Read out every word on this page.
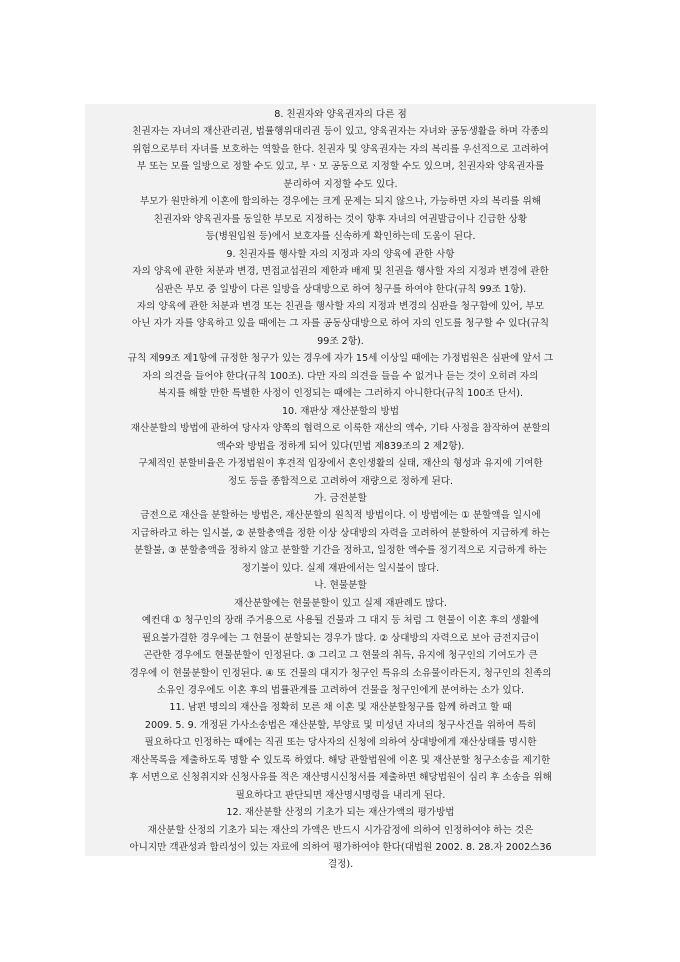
8. 친권자와 양육권자의 다른 점
친권자는 자녀의 재산관리권, 법률행위대리권 등이 있고, 양육권자는 자녀와 공동생활을 하며 각종의
위험으로부터 자녀를 보호하는 역할을 한다. 친권자 및 양육권자는 자의 복리를 우선적으로 고려하여
부 또는 모를 일방으로 정할 수도 있고, 부ㆍ모 공동으로 지정할 수도 있으며, 친권자와 양육권자를
분리하여 지정할 수도 있다.
부모가 원만하게 이혼에 합의하는 경우에는 크게 문제는 되지 않으나, 가능하면 자의 복리를 위해
친권자와 양육권자를 동일한 부모로 지정하는 것이 향후 자녀의 여권발급이나 긴급한 상황
등(병원입원 등)에서 보호자를 신속하게 확인하는데 도움이 된다.
9. 친권자를 행사할 자의 지정과 자의 양육에 관한 사항
자의 양육에 관한 처분과 변경, 면접교섭권의 제한과 배제 및 친권을 행사할 자의 지정과 변경에 관한
심판은 부모 중 일방이 다른 일방을 상대방으로 하여 청구를 하여야 한다(규칙 99조 1항).
자의 양육에 관한 처분과 변경 또는 친권을 행사할 자의 지정과 변경의 심판을 청구함에 있어, 부모
아닌 자가 자를 양육하고 있을 때에는 그 자를 공동상대방으로 하여 자의 인도를 청구할 수 있다(규칙
99조 2항).
규칙 제99조 제1항에 규정한 청구가 있는 경우에 자가 15세 이상일 때에는 가정법원은 심판에 앞서 그
자의 의견을 들어야 한다(규칙 100조). 다만 자의 의견을 들을 수 없거나 듣는 것이 오히려 자의
복지를 해할 만한 특별한 사정이 인정되는 때에는 그러하지 아니한다(규칙 100조 단서).
10. 재판상 재산분할의 방법
재산분할의 방법에 관하여 당사자 양쪽의 협력으로 이룩한 재산의 액수, 기타 사정을 참작하여 분할의
액수와 방법을 정하게 되어 있다(민법 제839조의 2 제2항).
구체적인 분할비율은 가정법원이 후견적 입장에서 혼인생활의 실태, 재산의 형성과 유지에 기여한
정도 등을 종합적으로 고려하여 재량으로 정하게 된다.
가. 금전분할
금전으로 재산을 분할하는 방법은, 재산분할의 원칙적 방법이다. 이 방법에는 ① 분할액을 일시에
지급하라고 하는 일시불, ② 분할총액을 정한 이상 상대방의 자력을 고려하여 분할하여 지급하게 하는
분할불, ③ 분할총액을 정하지 않고 분할할 기간을 정하고, 일정한 액수를 정기적으로 지급하게 하는
정기불이 있다. 실제 재판에서는 일시불이 많다.
나. 현물분할
재산분할에는 현물분할이 있고 실제 재판례도 많다.
예컨대 ① 청구인의 장래 주거용으로 사용될 건물과 그 대지 등 처럼 그 현물이 이혼 후의 생활에
필요불가결한 경우에는 그 현물이 분할되는 경우가 많다. ② 상대방의 자력으로 보아 금전지급이
곤란한 경우에도 현물분할이 인정된다. ③ 그리고 그 현물의 취득, 유지에 청구인의 기여도가 큰
경우에 이 현물분할이 인정된다. ④ 또 건물의 대지가 청구인 특유의 소유물이라든지, 청구인의 친족의
소유인 경우에도 이혼 후의 법률관계를 고려하여 건물을 청구인에게 분여하는 소가 있다.
11. 남편 명의의 재산을 정확히 모른 채 이혼 및 재산분할청구를 함께 하려고 할 때
2009. 5. 9. 개정된 가사소송법은 재산분할, 부양료 및 미성년 자녀의 청구사건을 위하여 특히
필요하다고 인정하는 때에는 직권 또는 당사자의 신청에 의하여 상대방에게 재산상태를 명시한
재산목록을 제출하도록 명할 수 있도록 하였다. 해당 관할법원에 이혼 및 재산분할 청구소송을 제기한
후 서면으로 신청취지와 신청사유를 적은 재산명시신청서를 제출하면 해당법원이 심리 후 소송을 위해
필요하다고 판단되면 재산명시명령을 내리게 된다.
12. 재산분할 산정의 기초가 되는 재산가액의 평가방법
재산분할 산정의 기초가 되는 재산의 가액은 반드시 시가감정에 의하여 인정하여야 하는 것은
아니지만 객관성과 합리성이 있는 자료에 의하여 평가하여야 한다(대법원 2002. 8. 28.자 2002스36
결정).
